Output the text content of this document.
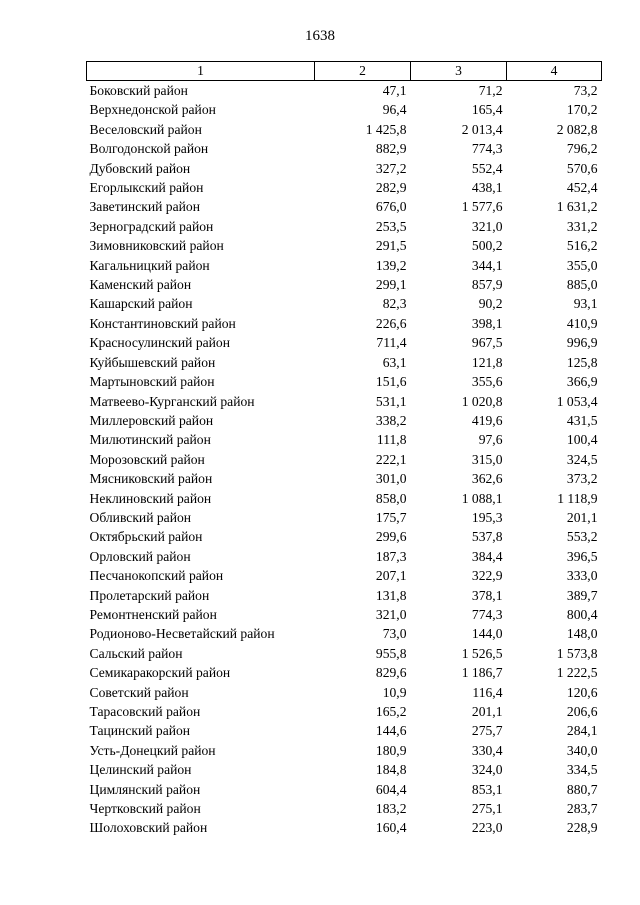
1638
1	2	3	4
Боковский район	47,1	71,2	73,2
Верхнедонской район	96,4	165,4	170,2
Веселовский район	1 425,8	2 013,4	2 082,8
Волгодонской район	882,9	774,3	796,2
Дубовский район	327,2	552,4	570,6
Егорлыкский район	282,9	438,1	452,4
Заветинский район	676,0	1 577,6	1 631,2
Зерноградский район	253,5	321,0	331,2
Зимовниковский район	291,5	500,2	516,2
Кагальницкий район	139,2	344,1	355,0
Каменский район	299,1	857,9	885,0
Кашарский район	82,3	90,2	93,1
Константиновский район	226,6	398,1	410,9
Красносулинский район	711,4	967,5	996,9
Куйбышевский район	63,1	121,8	125,8
Мартыновский район	151,6	355,6	366,9
Матвеево-Курганский район	531,1	1 020,8	1 053,4
Миллеровский район	338,2	419,6	431,5
Милютинский район	111,8	97,6	100,4
Морозовский район	222,1	315,0	324,5
Мясниковский район	301,0	362,6	373,2
Неклиновский район	858,0	1 088,1	1 118,9
Обливский район	175,7	195,3	201,1
Октябрьский район	299,6	537,8	553,2
Орловский район	187,3	384,4	396,5
Песчанокопский район	207,1	322,9	333,0
Пролетарский район	131,8	378,1	389,7
Ремонтненский район	321,0	774,3	800,4
Родионово-Несветайский район	73,0	144,0	148,0
Сальский район	955,8	1 526,5	1 573,8
Семикаракорский район	829,6	1 186,7	1 222,5
Советский район	10,9	116,4	120,6
Тарасовский район	165,2	201,1	206,6
Тацинский район	144,6	275,7	284,1
Усть-Донецкий район	180,9	330,4	340,0
Целинский район	184,8	324,0	334,5
Цимлянский район	604,4	853,1	880,7
Чертковский район	183,2	275,1	283,7
Шолоховский район	160,4	223,0	228,9
